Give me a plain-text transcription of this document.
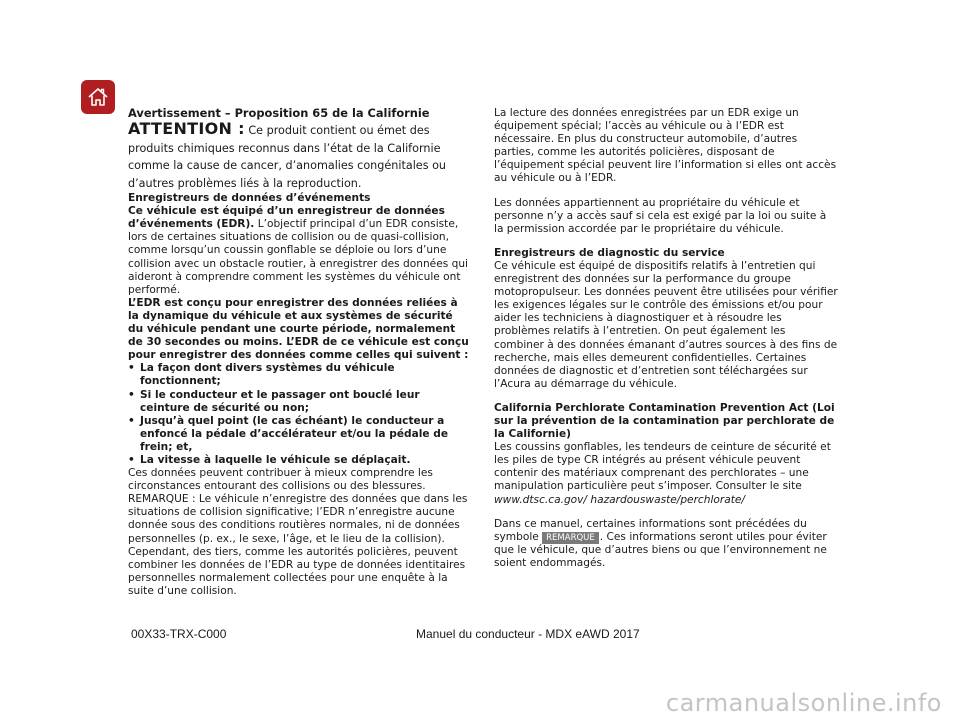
Avertissement – Proposition 65 de la Californie

ATTENTION : Ce produit contient ou émet des produits chimiques reconnus dans l’état de la Californie comme la cause de cancer, d’anomalies congénitales ou d’autres problèmes liés à la reproduction.

Enregistreurs de données d’événements

Ce véhicule est équipé d’un enregistreur de données d’événements (EDR). L’objectif principal d’un EDR consiste, lors de certaines situations de collision ou de quasi-collision, comme lorsqu’un coussin gonflable se déploie ou lors d’une collision avec un obstacle routier, à enregistrer des données qui aideront à comprendre comment les systèmes du véhicule ont performé.

L’EDR est conçu pour enregistrer des données reliées à la dynamique du véhicule et aux systèmes de sécurité du véhicule pendant une courte période, normalement de 30 secondes ou moins. L’EDR de ce véhicule est conçu pour enregistrer des données comme celles qui suivent :

• La façon dont divers systèmes du véhicule fonctionnent;
• Si le conducteur et le passager ont bouclé leur ceinture de sécurité ou non;
• Jusqu’à quel point (le cas échéant) le conducteur a enfoncé la pédale d’accélérateur et/ou la pédale de frein; et,
• La vitesse à laquelle le véhicule se déplaçait.

Ces données peuvent contribuer à mieux comprendre les circonstances entourant des collisions ou des blessures.

REMARQUE : Le véhicule n’enregistre des données que dans les situations de collision significative; l’EDR n’enregistre aucune donnée sous des conditions routières normales, ni de données personnelles (p. ex., le sexe, l’âge, et le lieu de la collision). Cependant, des tiers, comme les autorités policières, peuvent combiner les données de l’EDR au type de données identitaires personnelles normalement collectées pour une enquête à la suite d’une collision.

La lecture des données enregistrées par un EDR exige un équipement spécial; l’accès au véhicule ou à l’EDR est nécessaire. En plus du constructeur automobile, d’autres parties, comme les autorités policières, disposant de l’équipement spécial peuvent lire l’information si elles ont accès au véhicule ou à l’EDR.

Les données appartiennent au propriétaire du véhicule et personne n’y a accès sauf si cela est exigé par la loi ou suite à la permission accordée par le propriétaire du véhicule.

Enregistreurs de diagnostic du service

Ce véhicule est équipé de dispositifs relatifs à l’entretien qui enregistrent des données sur la performance du groupe motopropulseur. Les données peuvent être utilisées pour vérifier les exigences légales sur le contrôle des émissions et/ou pour aider les techniciens à diagnostiquer et à résoudre les problèmes relatifs à l’entretien. On peut également les combiner à des données émanant d’autres sources à des fins de recherche, mais elles demeurent confidentielles. Certaines données de diagnostic et d’entretien sont téléchargées sur l’Acura au démarrage du véhicule.

California Perchlorate Contamination Prevention Act (Loi sur la prévention de la contamination par perchlorate de la Californie)

Les coussins gonflables, les tendeurs de ceinture de sécurité et les piles de type CR intégrés au présent véhicule peuvent contenir des matériaux comprenant des perchlorates – une manipulation particulière peut s’imposer. Consulter le site www.dtsc.ca.gov/ hazardouswaste/perchlorate/

Dans ce manuel, certaines informations sont précédées du symbole REMARQUE . Ces informations seront utiles pour éviter que le véhicule, que d’autres biens ou que l’environnement ne soient endommagés.

00X33-TRX-C000	Manuel du conducteur - MDX eAWD 2017
carmanualsonline.info
